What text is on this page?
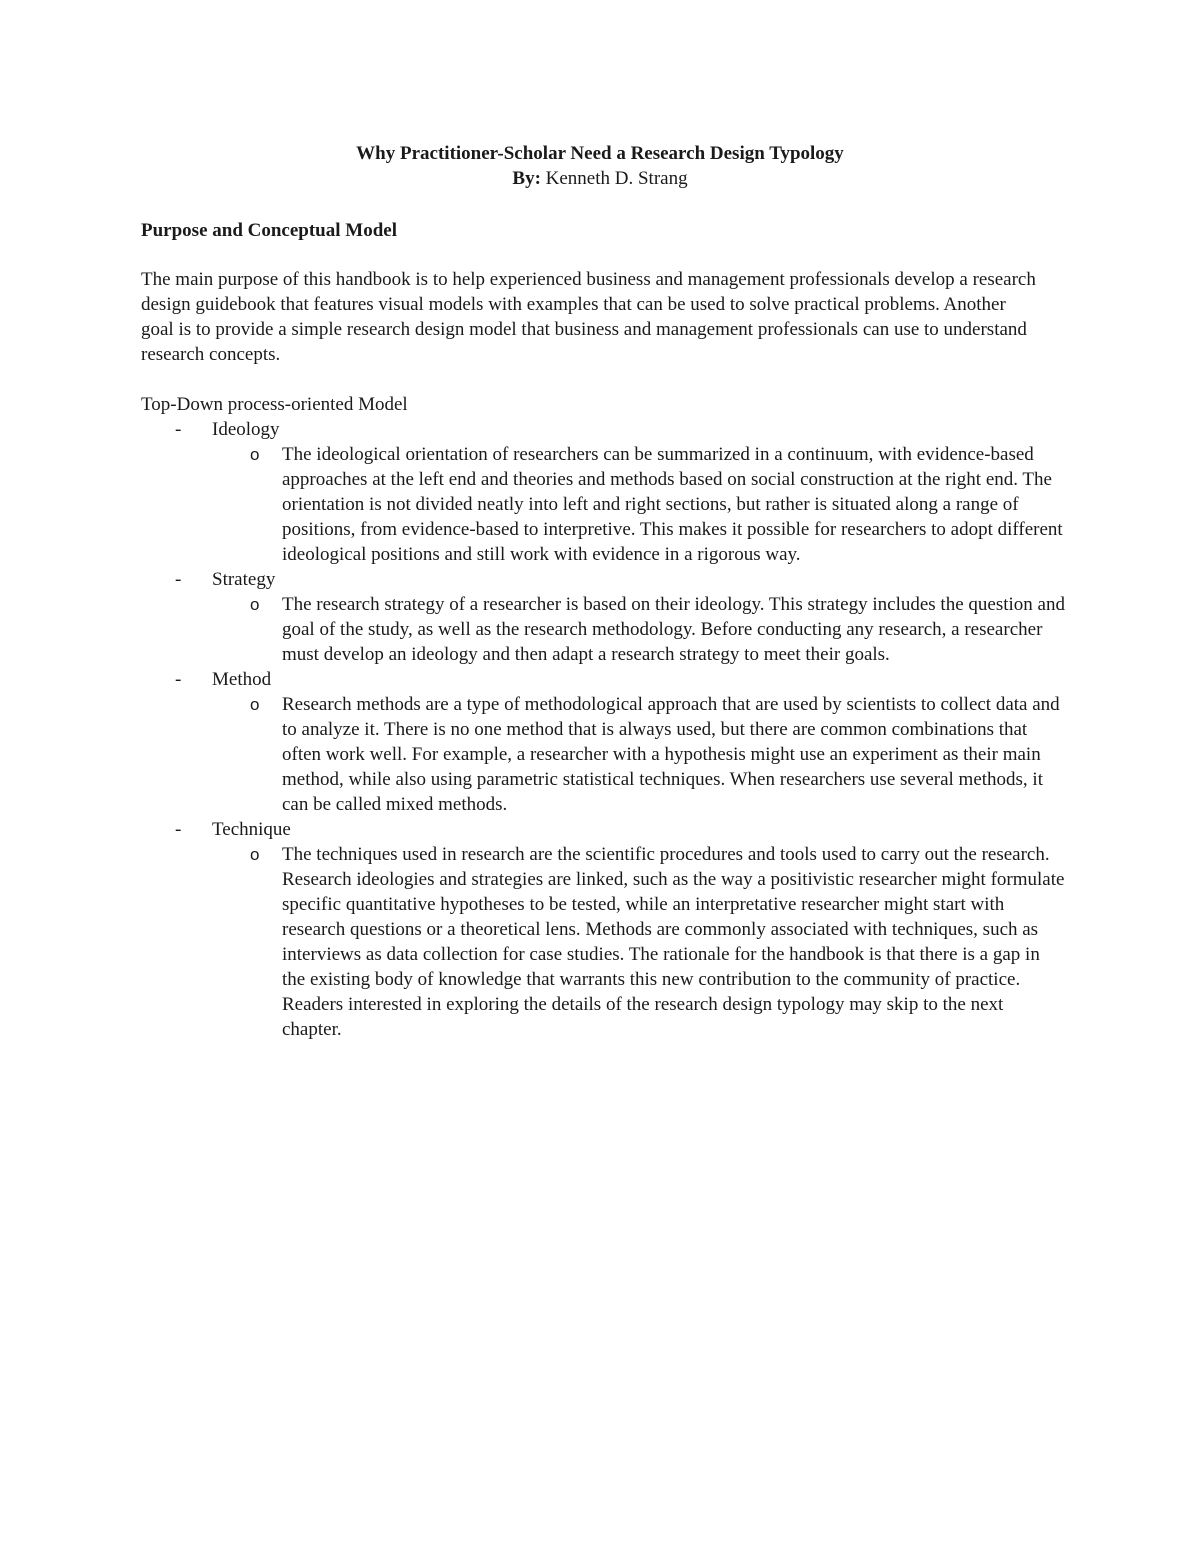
Why Practitioner-Scholar Need a Research Design Typology
By: Kenneth D. Strang
Purpose and Conceptual Model

The main purpose of this handbook is to help experienced business and management professionals develop a research design guidebook that features visual models with examples that can be used to solve practical problems. Another goal is to provide a simple research design model that business and management professionals can use to understand research concepts.

Top-Down process-oriented Model
- Ideology
o The ideological orientation of researchers can be summarized in a continuum, with evidence-based approaches at the left end and theories and methods based on social construction at the right end. The orientation is not divided neatly into left and right sections, but rather is situated along a range of positions, from evidence-based to interpretive. This makes it possible for researchers to adopt different ideological positions and still work with evidence in a rigorous way.

- Strategy
o The research strategy of a researcher is based on their ideology. This strategy includes the question and goal of the study, as well as the research methodology. Before conducting any research, a researcher must develop an ideology and then adapt a research strategy to meet their goals.

- Method
o Research methods are a type of methodological approach that are used by scientists to collect data and to analyze it. There is no one method that is always used, but there are common combinations that often work well. For example, a researcher with a hypothesis might use an experiment as their main method, while also using parametric statistical techniques. When researchers use several methods, it can be called mixed methods.

- Technique
o The techniques used in research are the scientific procedures and tools used to carry out the research. Research ideologies and strategies are linked, such as the way a positivistic researcher might formulate specific quantitative hypotheses to be tested, while an interpretative researcher might start with research questions or a theoretical lens. Methods are commonly associated with techniques, such as interviews as data collection for case studies. The rationale for the handbook is that there is a gap in the existing body of knowledge that warrants this new contribution to the community of practice. Readers interested in exploring the details of the research design typology may skip to the next chapter.
